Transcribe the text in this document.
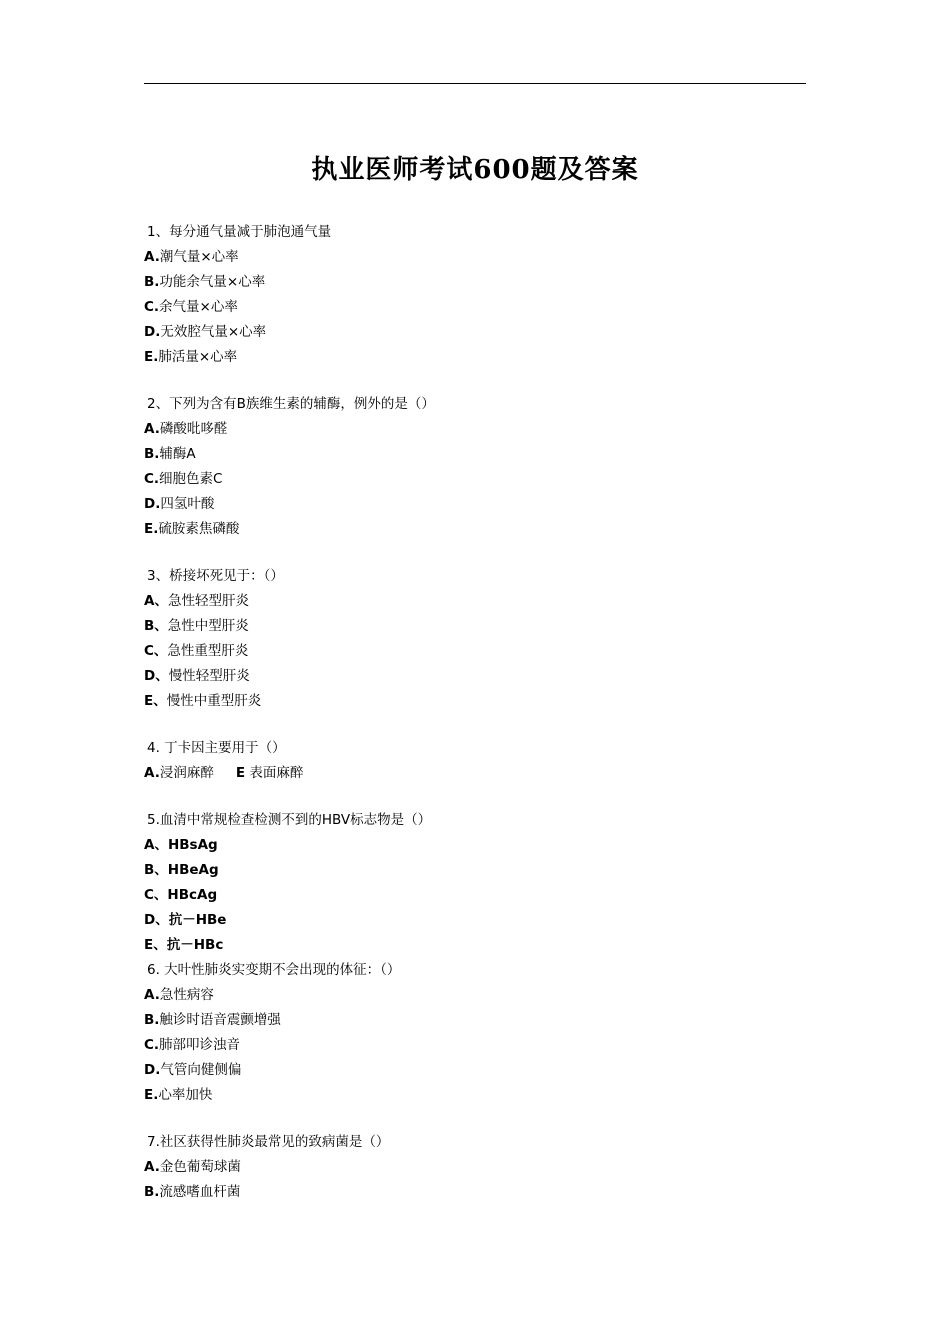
执业医师考试600题及答案
1、每分通气量减于肺泡通气量
A.潮气量×心率
B.功能余气量×心率
C.余气量×心率
D.无效腔气量×心率
E.肺活量×心率
2、下列为含有B族维生素的辅酶，例外的是（）
A.磷酸吡哆醛
B.辅酶A
C.细胞色素C
D.四氢叶酸
E.硫胺素焦磷酸
3、桥接坏死见于：（）
A、急性轻型肝炎
B、急性中型肝炎
C、急性重型肝炎
D、慢性轻型肝炎
E、慢性中重型肝炎
4. 丁卡因主要用于（）
A.浸润麻醉 E 表面麻醉
5.血清中常规检查检测不到的HBV标志物是（）
A、HBsAg
B、HBeAg
C、HBcAg
D、抗－HBe
E、抗－HBc
6. 大叶性肺炎实变期不会出现的体征：（）
A.急性病容
B.触诊时语音震颤增强
C.肺部叩诊浊音
D.气管向健侧偏
E.心率加快
7.社区获得性肺炎最常见的致病菌是（）
A.金色葡萄球菌
B.流感嗜血杆菌
